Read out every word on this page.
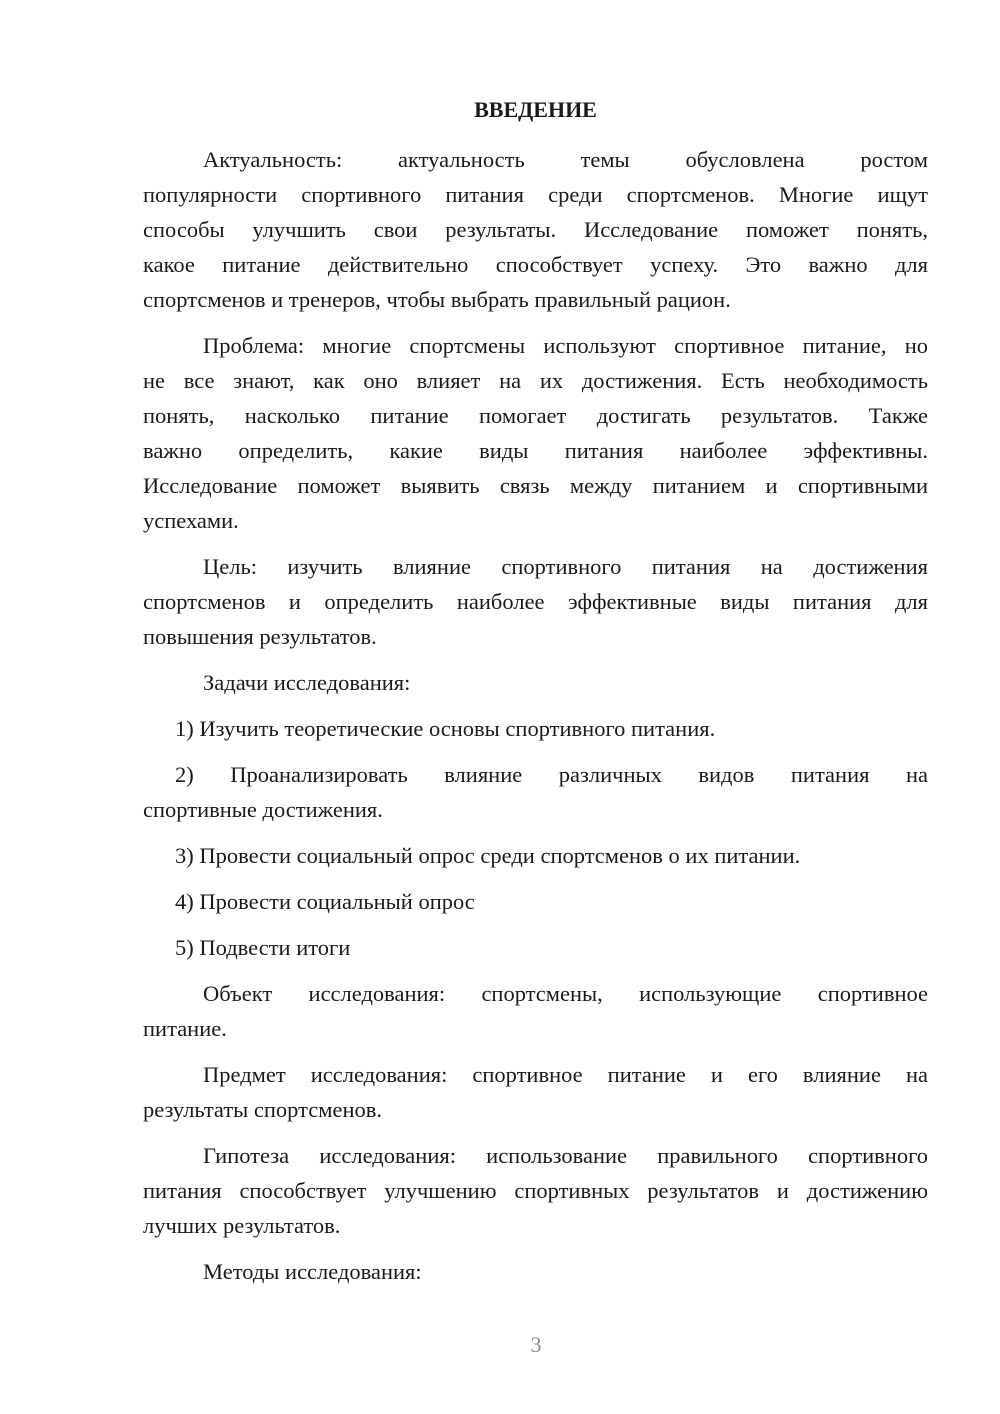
ВВЕДЕНИЕ
Актуальность: актуальность темы обусловлена ростом
популярности спортивного питания среди спортсменов. Многие ищут
способы улучшить свои результаты. Исследование поможет понять,
какое питание действительно способствует успеху. Это важно для
спортсменов и тренеров, чтобы выбрать правильный рацион.
Проблема: многие спортсмены используют спортивное питание, но
не все знают, как оно влияет на их достижения. Есть необходимость
понять, насколько питание помогает достигать результатов. Также
важно определить, какие виды питания наиболее эффективны.
Исследование поможет выявить связь между питанием и спортивными
успехами.
Цель: изучить влияние спортивного питания на достижения
спортсменов и определить наиболее эффективные виды питания для
повышения результатов.
Задачи исследования:
1) Изучить теоретические основы спортивного питания.
2) Проанализировать влияние различных видов питания на
спортивные достижения.
3) Провести социальный опрос среди спортсменов о их питании.
4) Провести социальный опрос
5) Подвести итоги
Объект исследования: спортсмены, использующие спортивное
питание.
Предмет исследования: спортивное питание и его влияние на
результаты спортсменов.
Гипотеза исследования: использование правильного спортивного
питания способствует улучшению спортивных результатов и достижению
лучших результатов.
Методы исследования:
3
